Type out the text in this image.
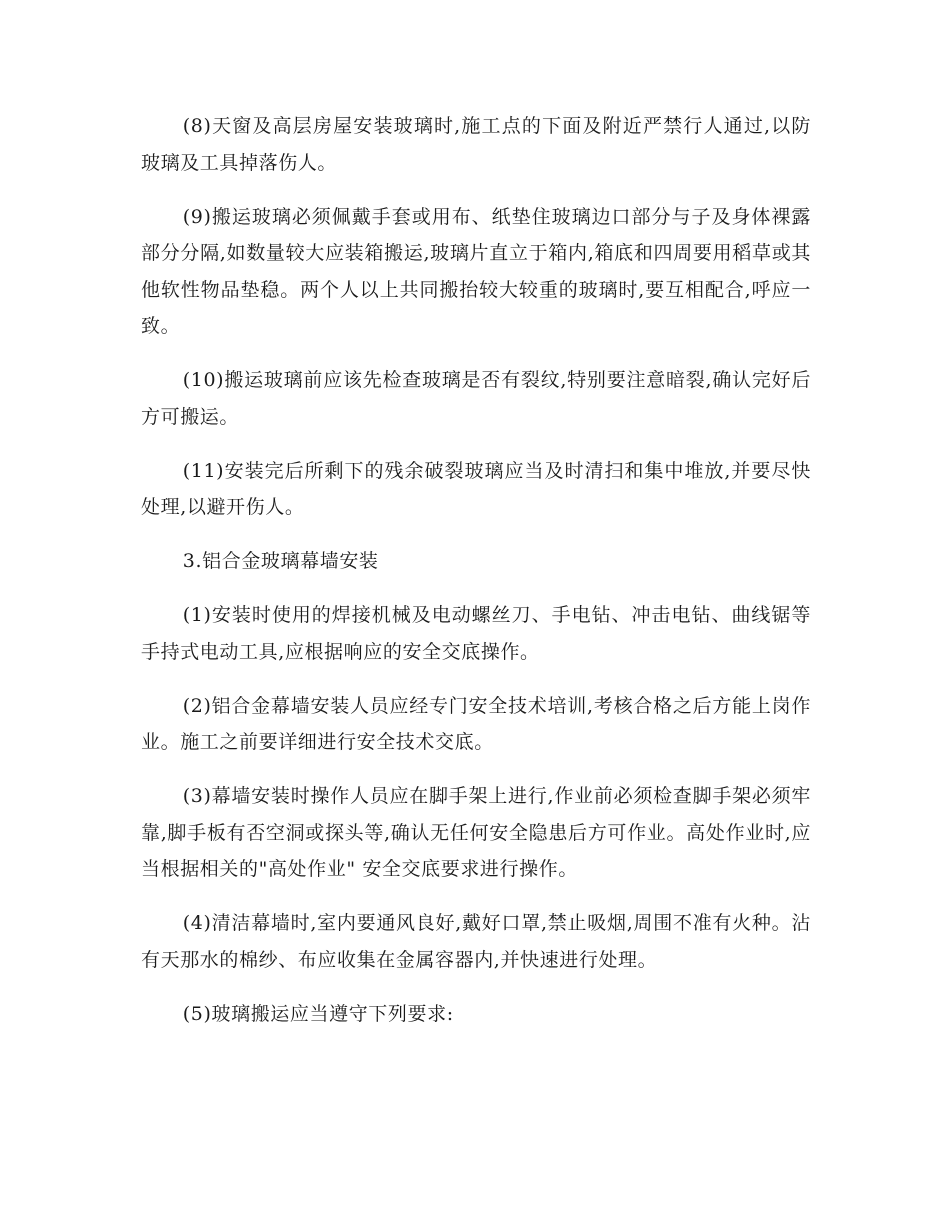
(8)天窗及高层房屋安装玻璃时,施工点的下面及附近严禁行人通过,以防玻璃及工具掉落伤人。

(9)搬运玻璃必须佩戴手套或用布、纸垫住玻璃边口部分与子及身体裸露部分分隔,如数量较大应装箱搬运,玻璃片直立于箱内,箱底和四周要用稻草或其他软性物品垫稳。两个人以上共同搬抬较大较重的玻璃时,要互相配合,呼应一致。

(10)搬运玻璃前应该先检查玻璃是否有裂纹,特别要注意暗裂,确认完好后方可搬运。

(11)安装完后所剩下的残余破裂玻璃应当及时清扫和集中堆放,并要尽快处理,以避开伤人。

3.铝合金玻璃幕墙安装

(1)安装时使用的焊接机械及电动螺丝刀、手电钻、冲击电钻、曲线锯等手持式电动工具,应根据响应的安全交底操作。

(2)铝合金幕墙安装人员应经专门安全技术培训,考核合格之后方能上岗作业。施工之前要详细进行安全技术交底。

(3)幕墙安装时操作人员应在脚手架上进行,作业前必须检查脚手架必须牢靠,脚手板有否空洞或探头等,确认无任何安全隐患后方可作业。高处作业时,应当根据相关的"高处作业" 安全交底要求进行操作。

(4)清洁幕墙时,室内要通风良好,戴好口罩,禁止吸烟,周围不准有火种。沾有天那水的棉纱、布应收集在金属容器内,并快速进行处理。

(5)玻璃搬运应当遵守下列要求:
